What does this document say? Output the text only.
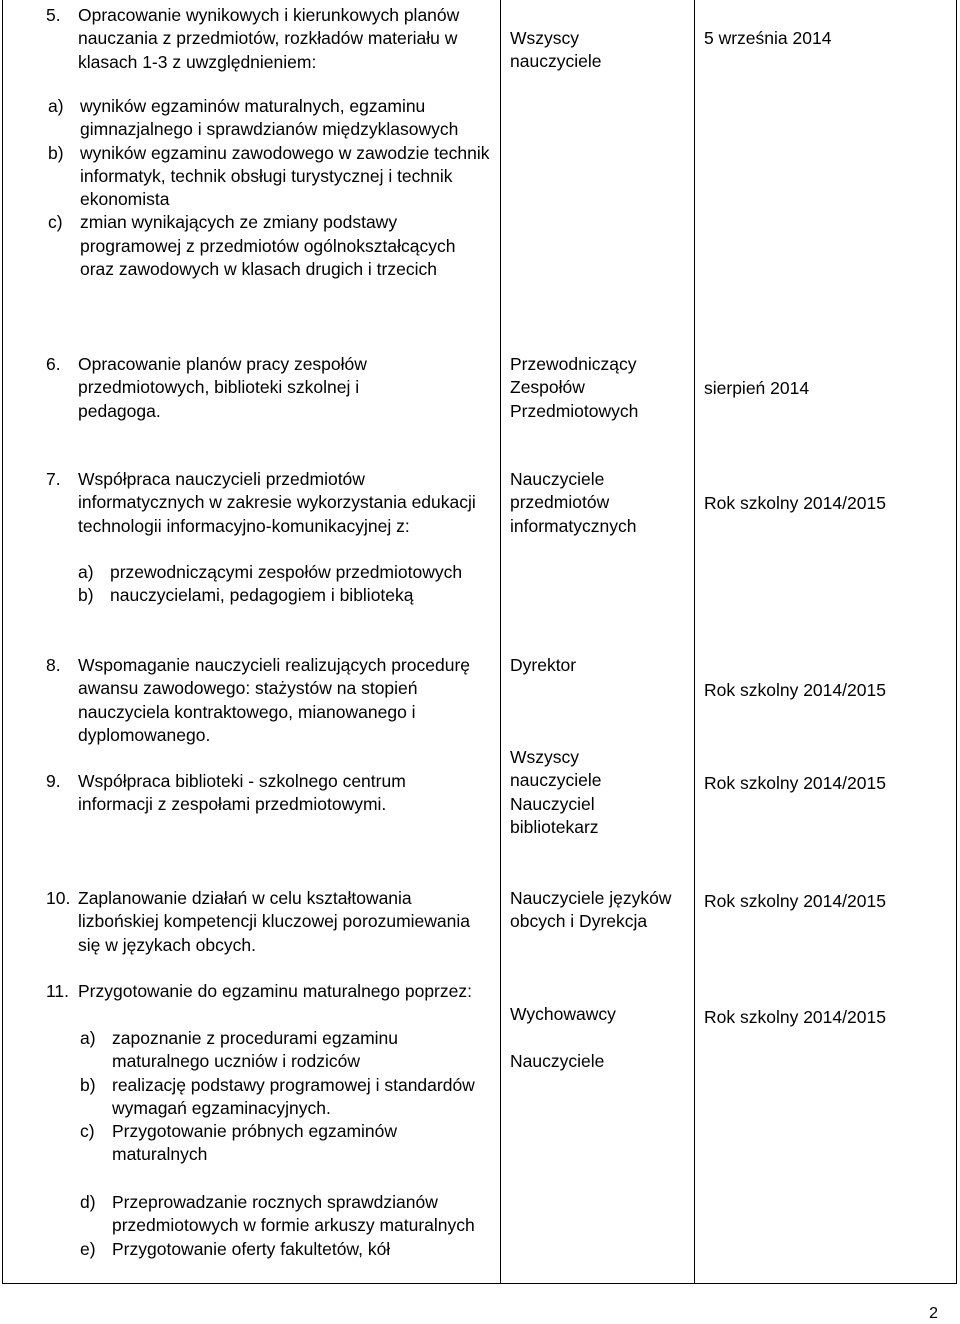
5. Opracowanie wynikowych i kierunkowych planów nauczania z przedmiotów, rozkładów materiału w klasach 1-3 z uwzględnieniem:
a) wyników egzaminów maturalnych, egzaminu gimnazjalnego i sprawdzianów międzyklasowych
b) wyników egzaminu zawodowego w zawodzie technik informatyk, technik obsługi turystycznej i technik ekonomista
c) zmian wynikających ze zmiany podstawy programowej z przedmiotów ogólnokształcących oraz zawodowych w klasach drugich i trzecich
Wszyscy nauczyciele
5 września 2014
6. Opracowanie planów pracy zespołów przedmiotowych, biblioteki szkolnej i pedagoga.
Przewodniczący Zespołów Przedmiotowych
sierpień 2014
7. Współpraca nauczycieli przedmiotów informatycznych w zakresie wykorzystania edukacji technologii informacyjno-komunikacyjnej z:
a) przewodniczącymi zespołów przedmiotowych
b) nauczycielami, pedagogiem i biblioteką
Nauczyciele przedmiotów informatycznych
Rok szkolny 2014/2015
8. Wspomaganie nauczycieli realizujących procedurę awansu zawodowego: stażystów na stopień nauczyciela kontraktowego, mianowanego i dyplomowanego.
Dyrektor
Rok szkolny 2014/2015
9. Współpraca biblioteki - szkolnego centrum informacji z zespołami przedmiotowymi.
Wszyscy nauczyciele Nauczyciel bibliotekarz
Rok szkolny 2014/2015
10. Zaplanowanie działań w celu kształtowania lizbońskiej kompetencji kluczowej porozumiewania się w językach obcych.
Nauczyciele języków obcych i Dyrekcja
Rok szkolny 2014/2015
11. Przygotowanie do egzaminu maturalnego poprzez:
a) zapoznanie z procedurami egzaminu maturalnego uczniów i rodziców
b) realizację podstawy programowej i standardów wymagań egzaminacyjnych.
c) Przygotowanie próbnych egzaminów maturalnych
d) Przeprowadzanie rocznych sprawdzianów przedmiotowych w formie arkuszy maturalnych
e) Przygotowanie oferty fakultetów, kół
Wychowawcy
Nauczyciele
Rok szkolny 2014/2015
2
